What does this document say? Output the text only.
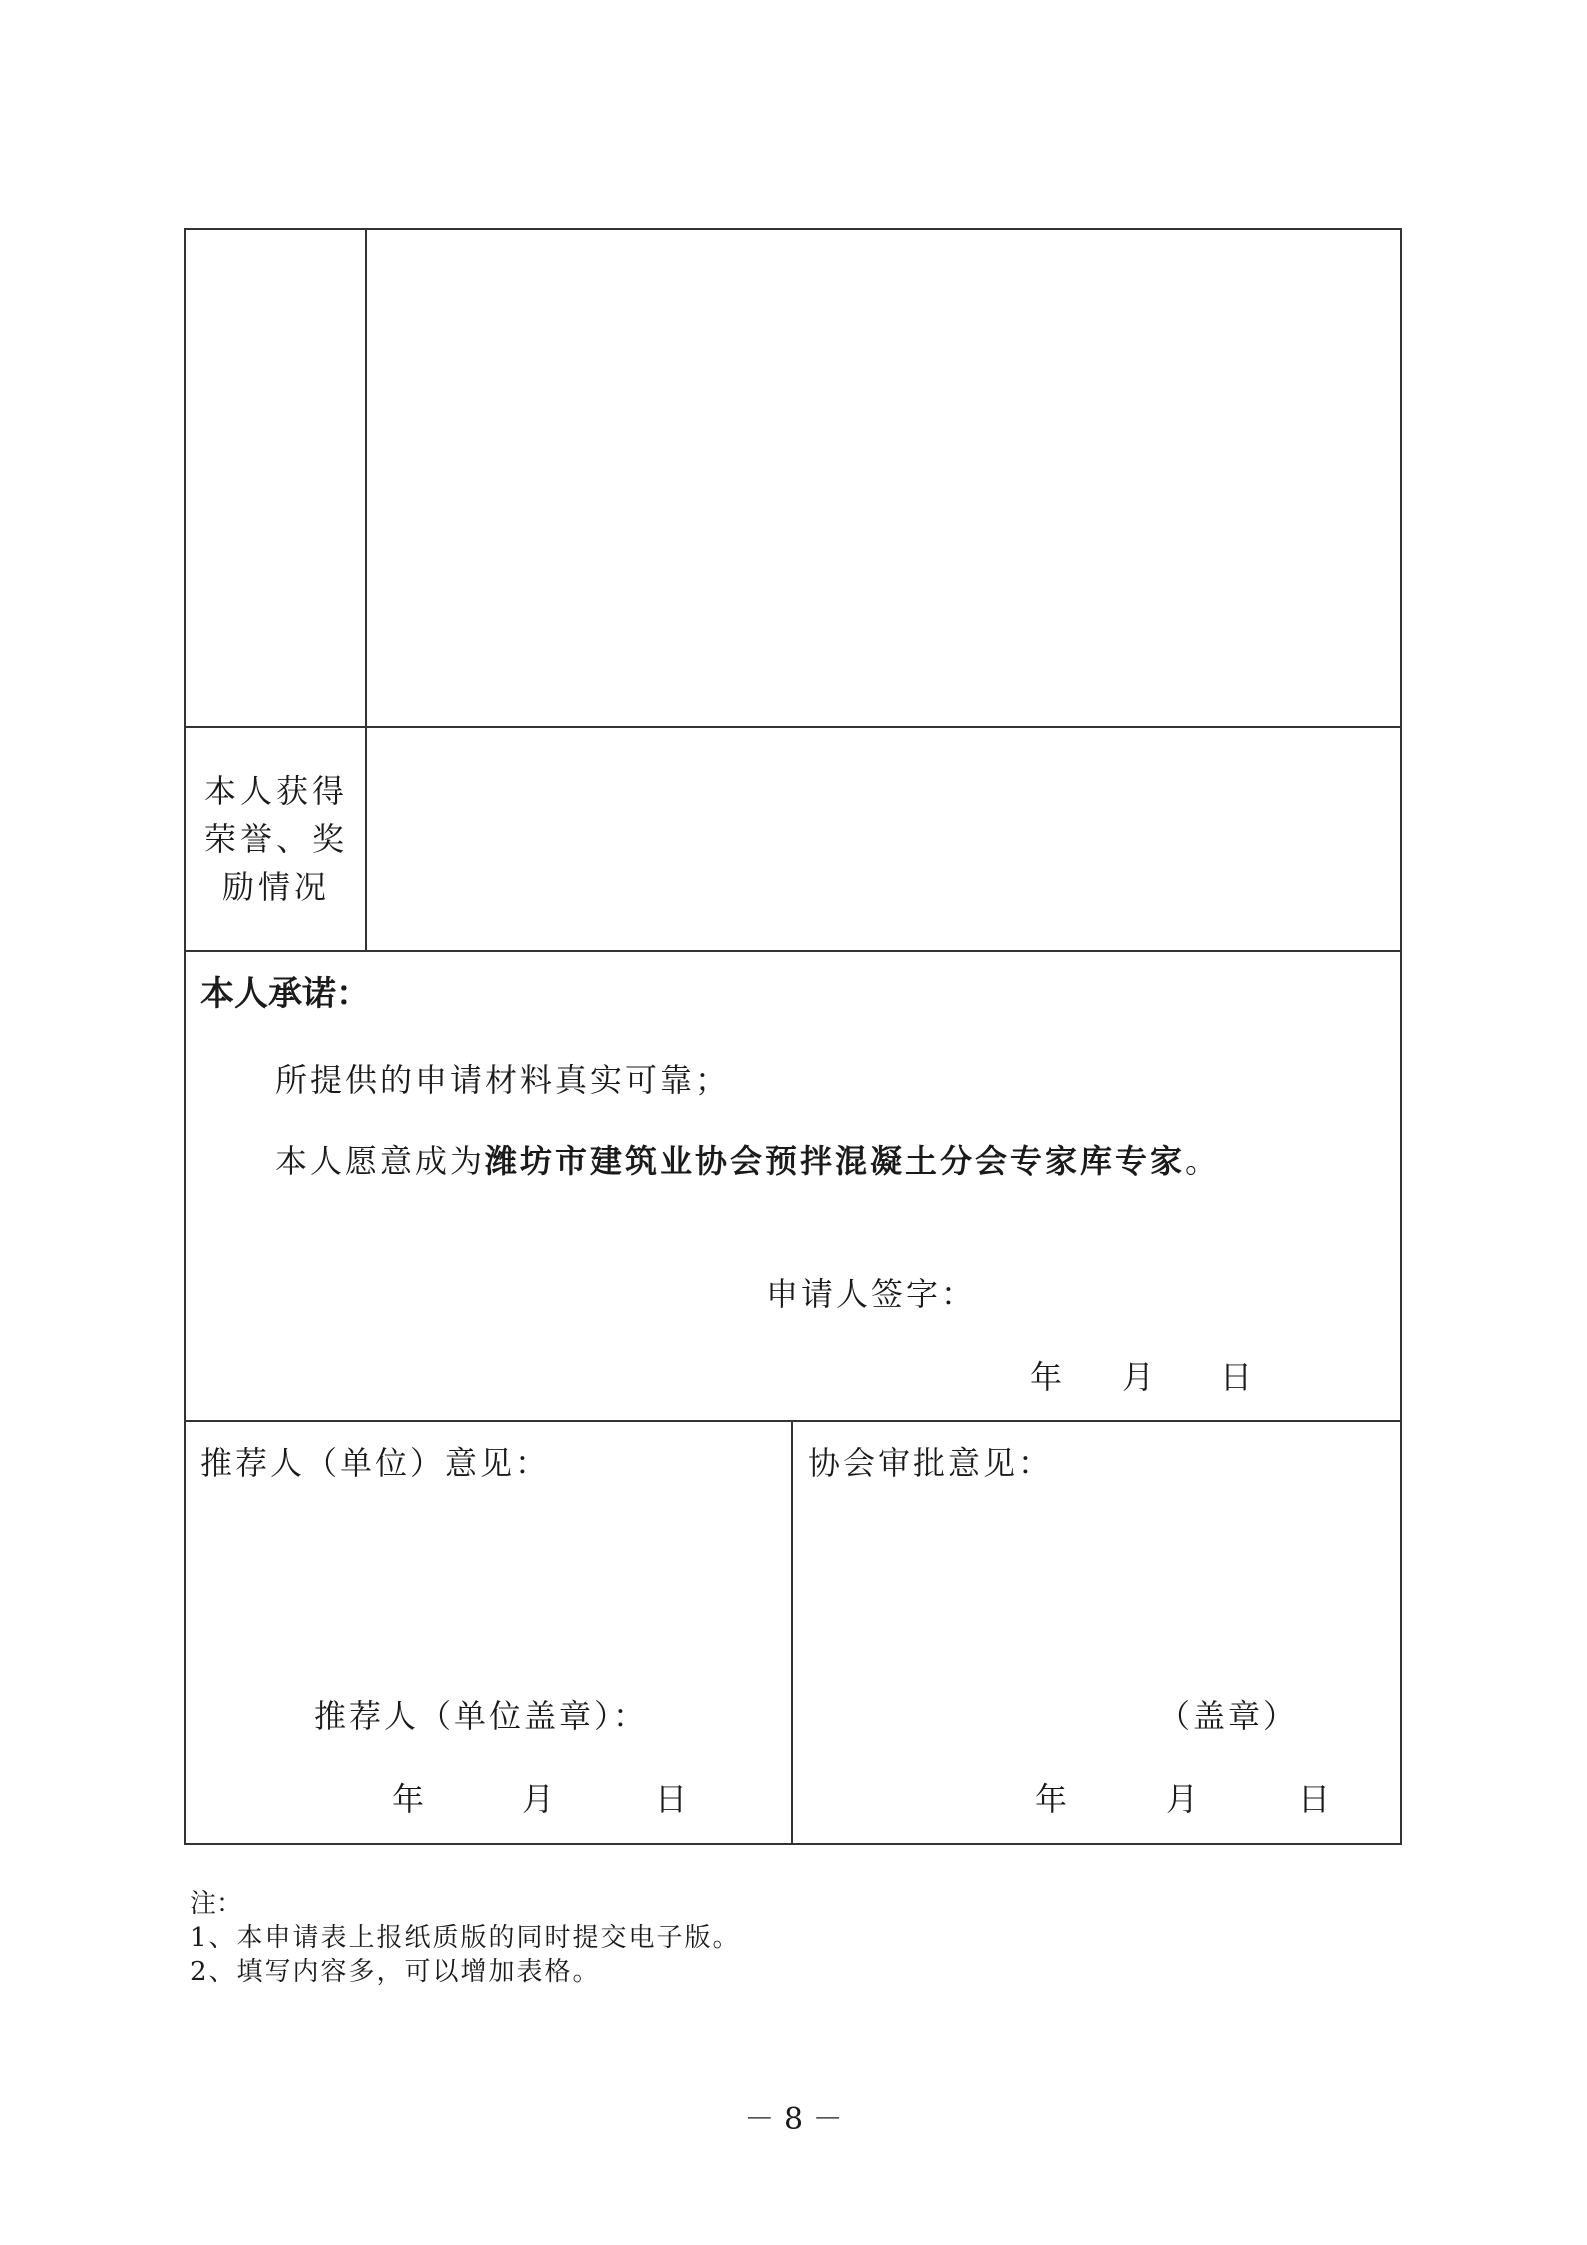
本人获得荣誉、奖励情况
本人承诺：
所提供的申请材料真实可靠；
本人愿意成为潍坊市建筑业协会预拌混凝土分会专家库专家。
申请人签字：
年 月 日
推荐人（单位）意见：
推荐人（单位盖章）：
年	月	日
协会审批意见：
（盖章）
年	月	日
注：
1、本申请表上报纸质版的同时提交电子版。
2、填写内容多，可以增加表格。
－ 8 －
